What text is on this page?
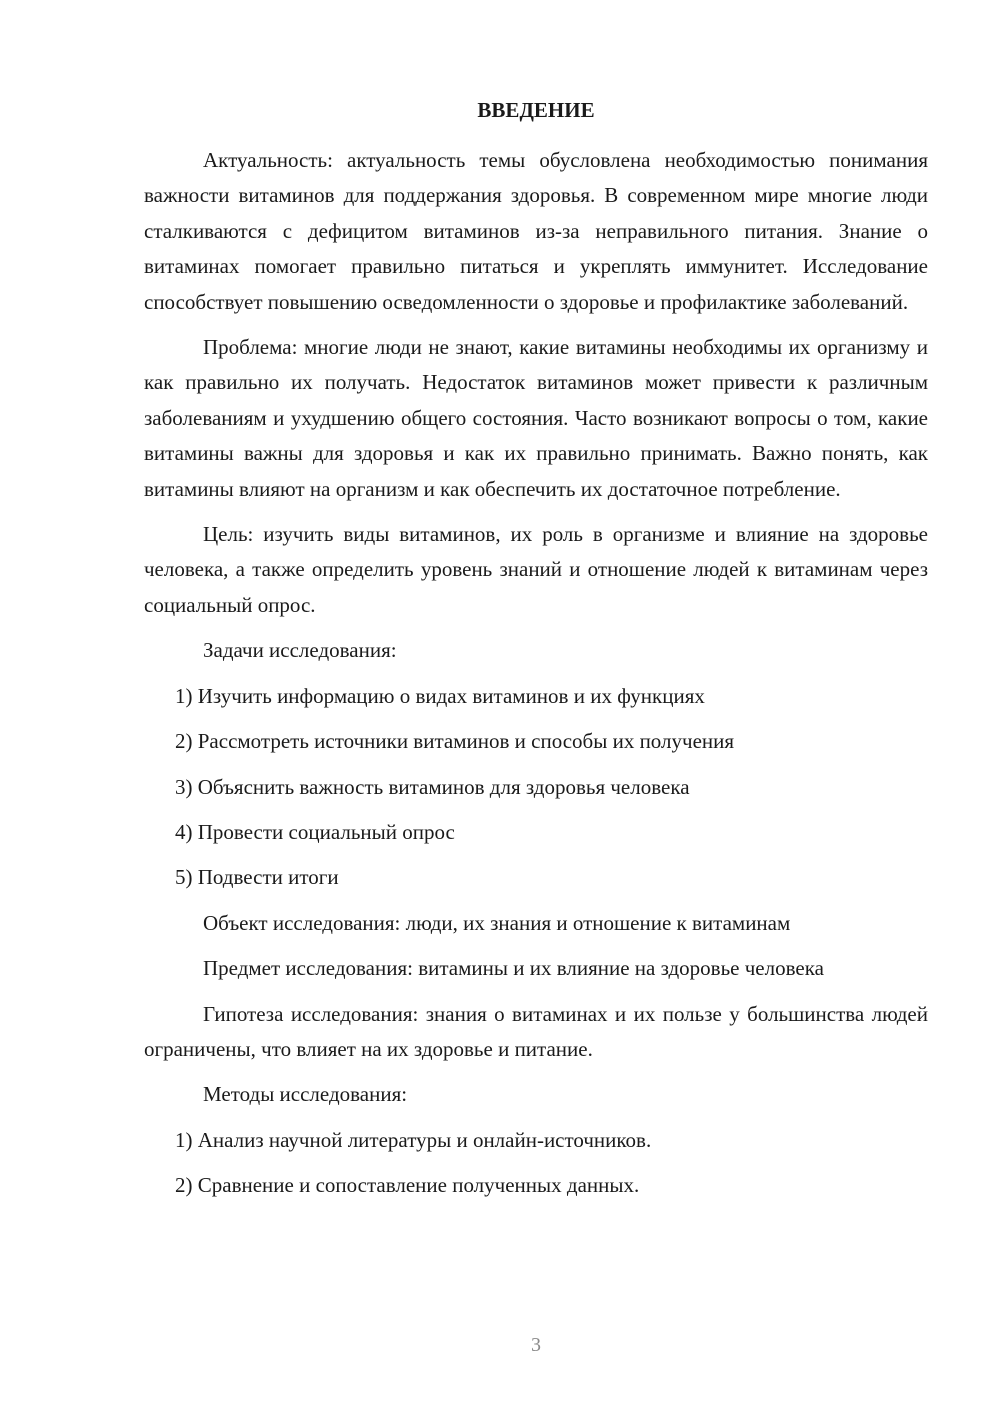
ВВЕДЕНИЕ

Актуальность: актуальность темы обусловлена необходимостью понимания важности витаминов для поддержания здоровья. В современном мире многие люди сталкиваются с дефицитом витаминов из-за неправильного питания. Знание о витаминах помогает правильно питаться и укреплять иммунитет. Исследование способствует повышению осведомленности о здоровье и профилактике заболеваний.

Проблема: многие люди не знают, какие витамины необходимы их организму и как правильно их получать. Недостаток витаминов может привести к различным заболеваниям и ухудшению общего состояния. Часто возникают вопросы о том, какие витамины важны для здоровья и как их правильно принимать. Важно понять, как витамины влияют на организм и как обеспечить их достаточное потребление.

Цель: изучить виды витаминов, их роль в организме и влияние на здоровье человека, а также определить уровень знаний и отношение людей к витаминам через социальный опрос.

Задачи исследования:
1) Изучить информацию о видах витаминов и их функциях
2) Рассмотреть источники витаминов и способы их получения
3) Объяснить важность витаминов для здоровья человека
4) Провести социальный опрос
5) Подвести итоги
Объект исследования: люди, их знания и отношение к витаминам

Предмет исследования: витамины и их влияние на здоровье человека

Гипотеза исследования: знания о витаминах и их пользе у большинства людей ограничены, что влияет на их здоровье и питание.

Методы исследования:
1) Анализ научной литературы и онлайн-источников.
2) Сравнение и сопоставление полученных данных.
3
